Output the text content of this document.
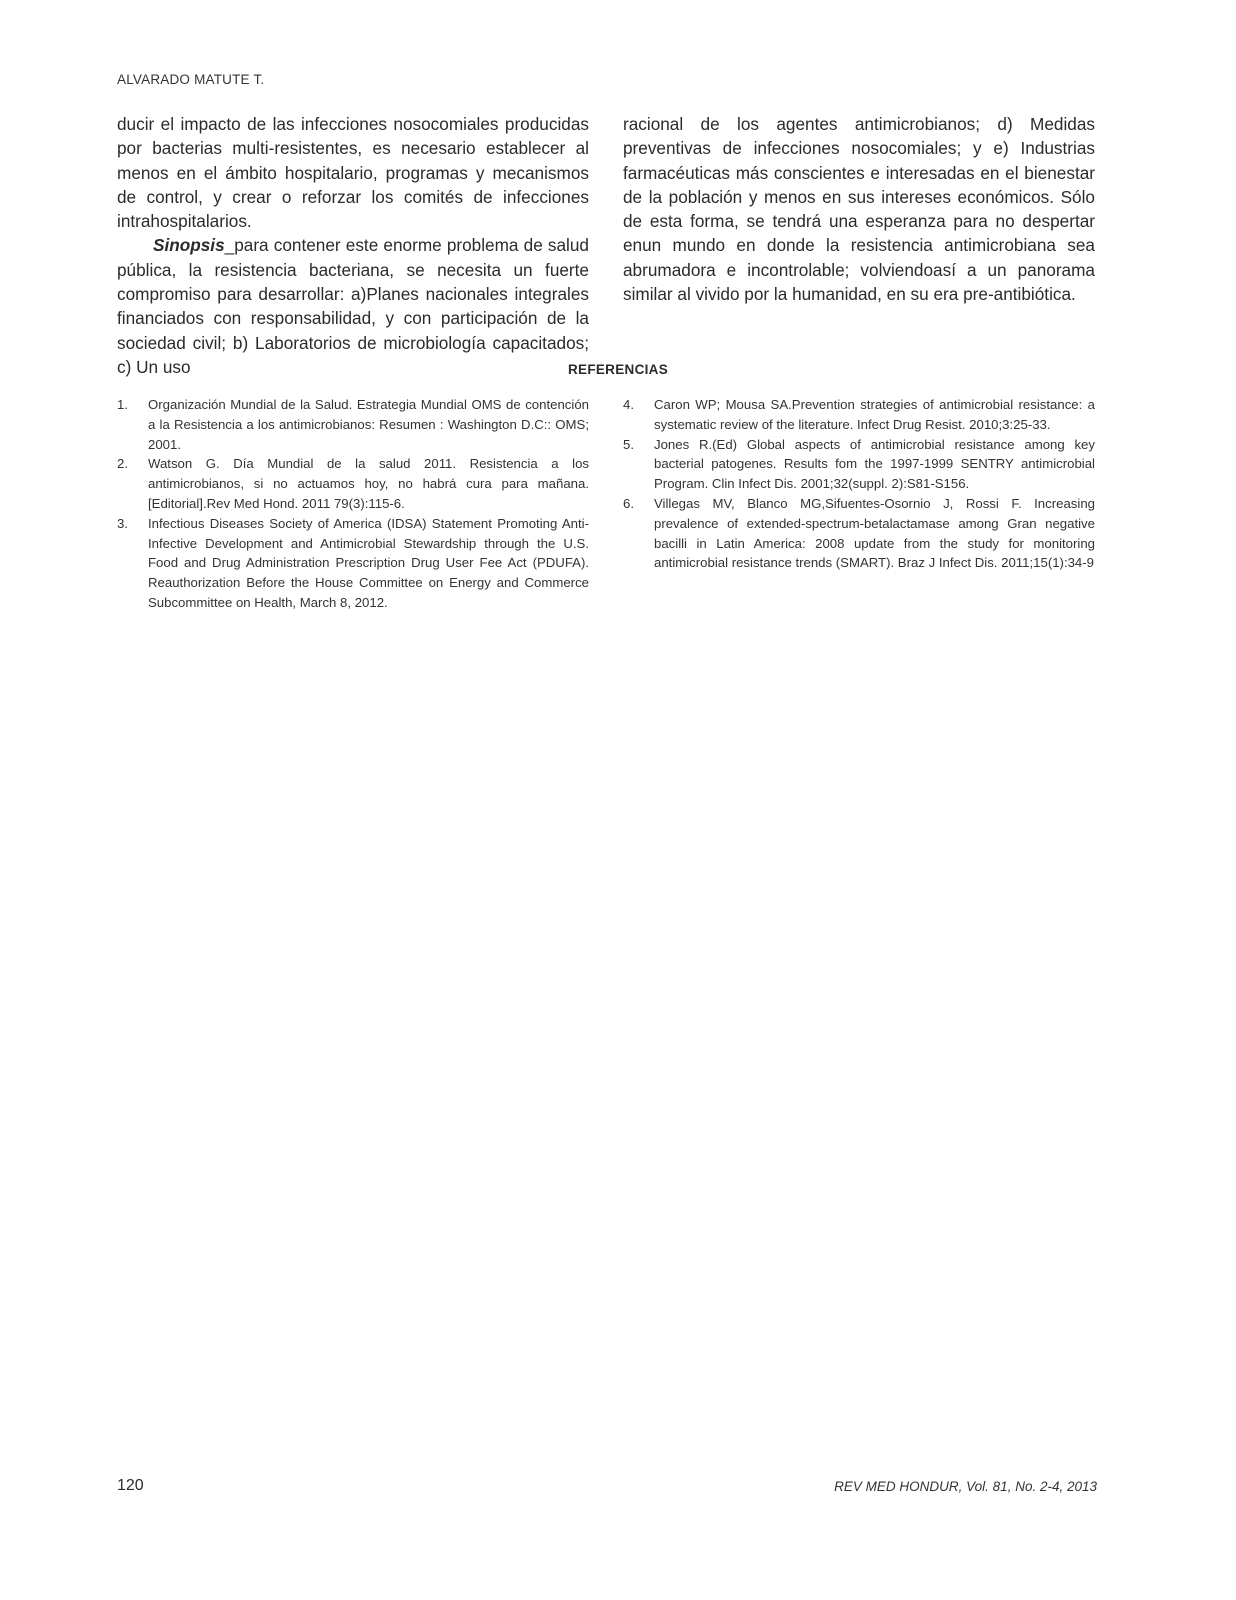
ALVARADO MATUTE T.

ducir el impacto de las infecciones nosocomiales producidas por bacterias multi-resistentes, es necesario establecer al menos en el ámbito hospitalario, programas y mecanismos de control, y crear o reforzar los comités de infecciones intrahospitalarios.

Sinopsis_para contener este enorme problema de salud pública, la resistencia bacteriana, se necesita un fuerte compromiso para desarrollar: a)Planes nacionales integrales financiados con responsabilidad, y con participación de la sociedad civil; b) Laboratorios de microbiología capacitados; c) Un uso

racional de los agentes antimicrobianos; d) Medidas preventivas de infecciones nosocomiales; y e) Industrias farmacéuticas más conscientes e interesadas en el bienestar de la población y menos en sus intereses económicos. Sólo de esta forma, se tendrá una esperanza para no despertar enun mundo en donde la resistencia antimicrobiana sea abrumadora e incontrolable; volviendoasí a un panorama similar al vivido por la humanidad, en su era pre-antibiótica.

REFERENCIAS
1. Organización Mundial de la Salud. Estrategia Mundial OMS de contención a la Resistencia a los antimicrobianos: Resumen : Washington D.C:: OMS; 2001.
2. Watson G. Día Mundial de la salud 2011. Resistencia a los antimicrobianos, si no actuamos hoy, no habrá cura para mañana. [Editorial].Rev Med Hond. 2011 79(3):115-6.
3. Infectious Diseases Society of America (IDSA) Statement Promoting Anti-Infective Development and Antimicrobial Stewardship through the U.S. Food and Drug Administration Prescription Drug User Fee Act (PDUFA). Reauthorization Before the House Committee on Energy and Commerce Subcommittee on Health, March 8, 2012.
4. Caron WP; Mousa SA.Prevention strategies of antimicrobial resistance: a systematic review of the literature. Infect Drug Resist. 2010;3:25-33.
5. Jones R.(Ed) Global aspects of antimicrobial resistance among key bacterial patogenes. Results fom the 1997-1999 SENTRY antimicrobial Program. Clin Infect Dis. 2001;32(suppl. 2):S81-S156.
6. Villegas MV, Blanco MG,Sifuentes-Osornio J, Rossi F. Increasing prevalence of extended-spectrum-betalactamase among Gran negative bacilli in Latin America: 2008 update from the study for monitoring antimicrobial resistance trends (SMART). Braz J Infect Dis. 2011;15(1):34-9
120	REV MED HONDUR, Vol. 81, No. 2-4, 2013
